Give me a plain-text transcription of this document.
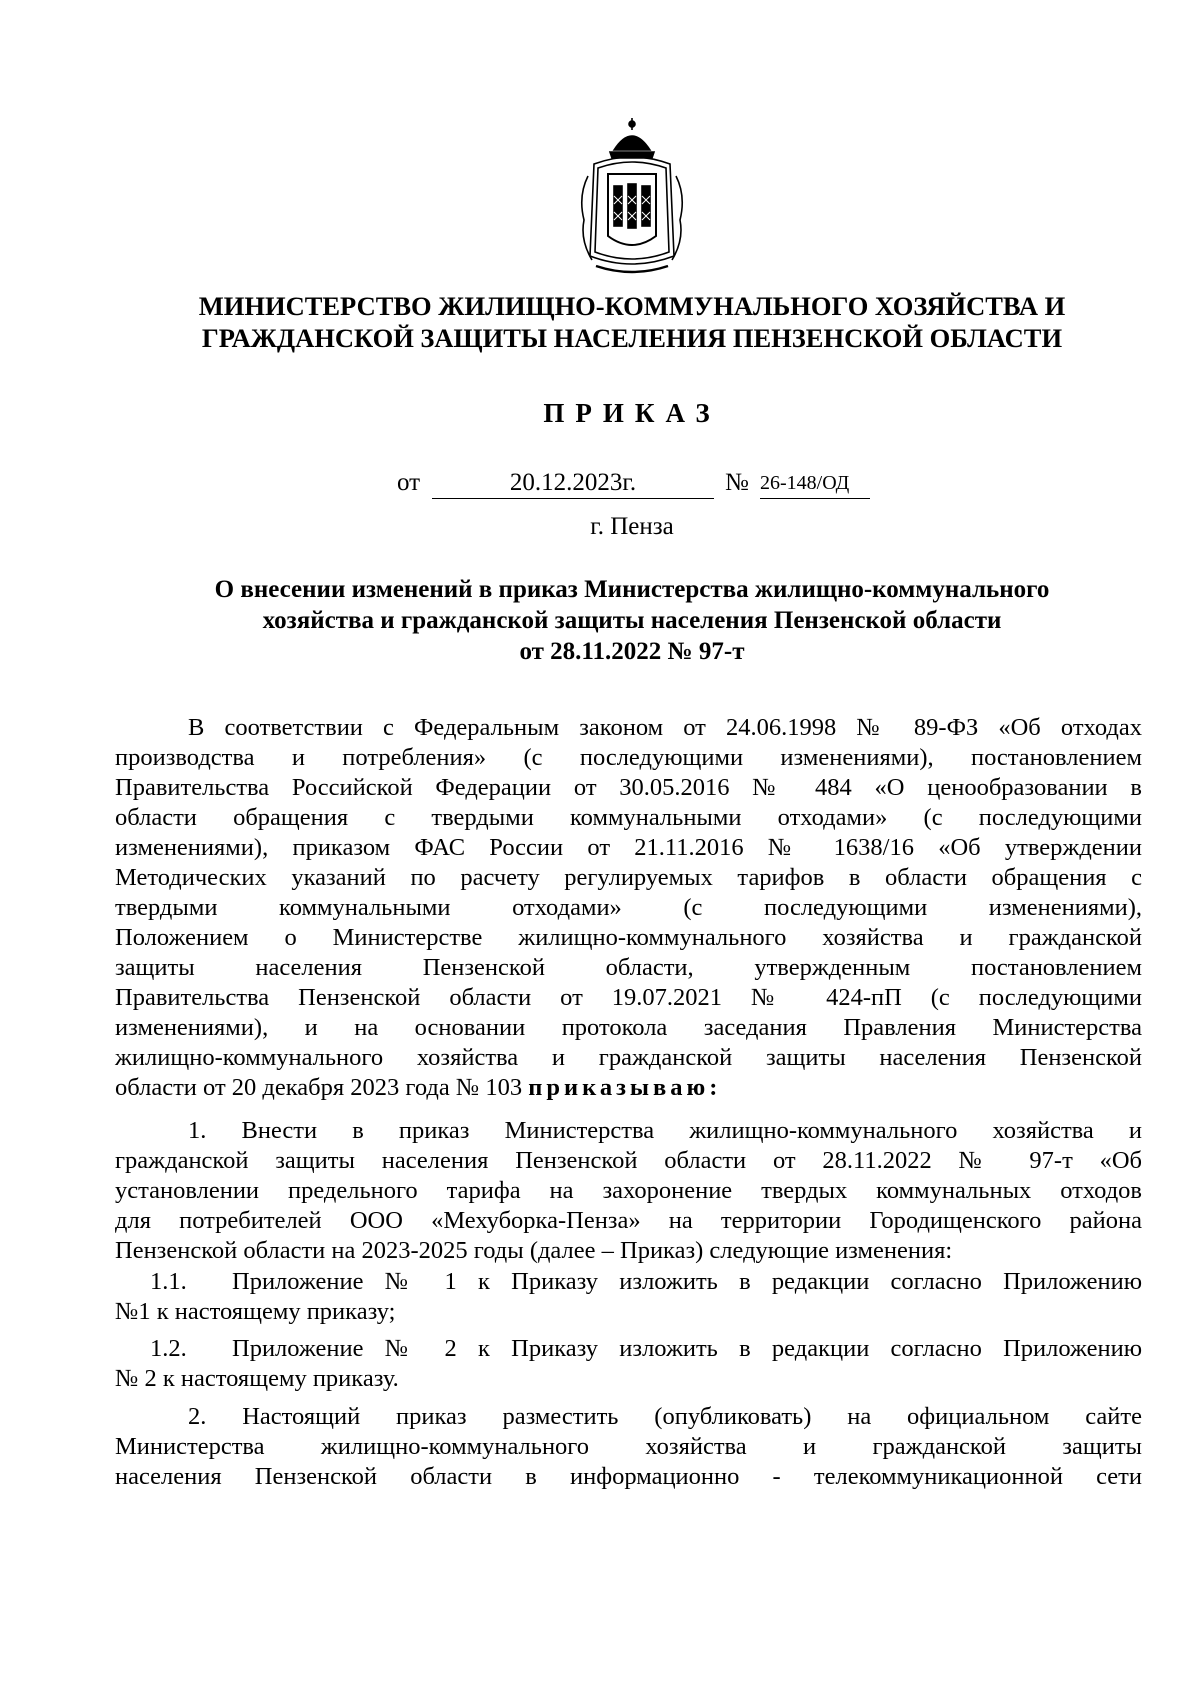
МИНИСТЕРСТВО ЖИЛИЩНО-КОММУНАЛЬНОГО ХОЗЯЙСТВА И
ГРАЖДАНСКОЙ ЗАЩИТЫ НАСЕЛЕНИЯ ПЕНЗЕНСКОЙ ОБЛАСТИ
ПРИКАЗ
от	20.12.2023г.	№ 26-148/ОД
г. Пенза
О внесении изменений в приказ Министерства жилищно-коммунального
хозяйства и гражданской защиты населения Пензенской области
от 28.11.2022 № 97-т
В соответствии с Федеральным законом от 24.06.1998 № 89-ФЗ «Об отходах
производства и потребления» (с последующими изменениями), постановлением
Правительства Российской Федерации от 30.05.2016 № 484 «О ценообразовании в
области обращения с твердыми коммунальными отходами» (с последующими
изменениями), приказом ФАС России от 21.11.2016 № 1638/16 «Об утверждении
Методических указаний по расчету регулируемых тарифов в области обращения с
твердыми коммунальными отходами» (с последующими изменениями),
Положением о Министерстве жилищно-коммунального хозяйства и гражданской
защиты населения Пензенской области, утвержденным постановлением
Правительства Пензенской области от 19.07.2021 № 424-пП (с последующими
изменениями), и на основании протокола заседания Правления Министерства
жилищно-коммунального хозяйства и гражданской защиты населения Пензенской
области от 20 декабря 2023 года № 103 приказываю:
1. Внести в приказ Министерства жилищно-коммунального хозяйства и
гражданской защиты населения Пензенской области от 28.11.2022 № 97-т «Об
установлении предельного тарифа на захоронение твердых коммунальных отходов
для потребителей ООО «Мехуборка-Пенза» на территории Городищенского района
Пензенской области на 2023-2025 годы (далее – Приказ) следующие изменения:
1.1.	Приложение № 1 к Приказу изложить в редакции согласно Приложению
№1 к настоящему приказу;
1.2.	Приложение № 2 к Приказу изложить в редакции согласно Приложению
№ 2 к настоящему приказу.
2. Настоящий приказ разместить (опубликовать) на официальном сайте
Министерства жилищно-коммунального хозяйства и гражданской защиты
населения Пензенской области в информационно - телекоммуникационной сети
